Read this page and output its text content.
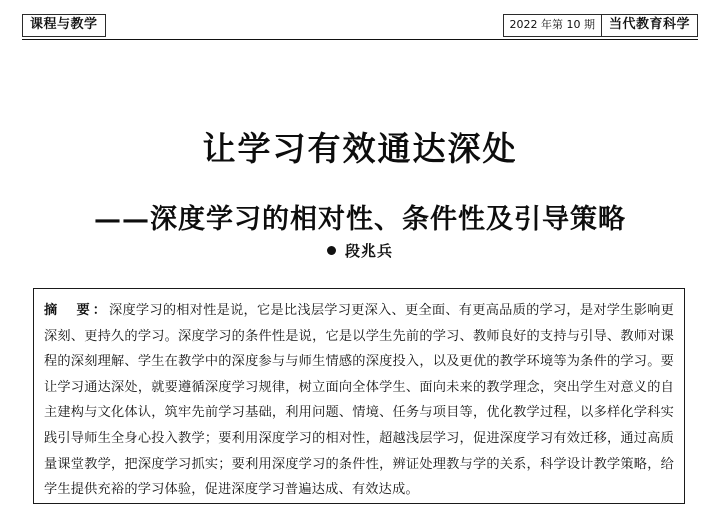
课程与教学	2022 年第 10 期	当代教育科学
让学习有效通达深处
——深度学习的相对性、条件性及引导策略
段兆兵

摘　要：深度学习的相对性是说，它是比浅层学习更深入、更全面、有更高品质的学习，是对学生影响更深刻、更持久的学习。深度学习的条件性是说，它是以学生先前的学习、教师良好的支持与引导、教师对课程的深刻理解、学生在教学中的深度参与与师生情感的深度投入，以及更优的教学环境等为条件的学习。要让学习通达深处，就要遵循深度学习规律，树立面向全体学生、面向未来的教学理念，突出学生对意义的自主建构与文化体认，筑牢先前学习基础，利用问题、情境、任务与项目等，优化教学过程，以多样化学科实践引导师生全身心投入教学；要利用深度学习的相对性，超越浅层学习，促进深度学习有效迁移，通过高质量课堂教学，把深度学习抓实；要利用深度学习的条件性，辨证处理教与学的关系，科学设计教学策略，给学生提供充裕的学习体验，促进深度学习普遍达成、有效达成。
